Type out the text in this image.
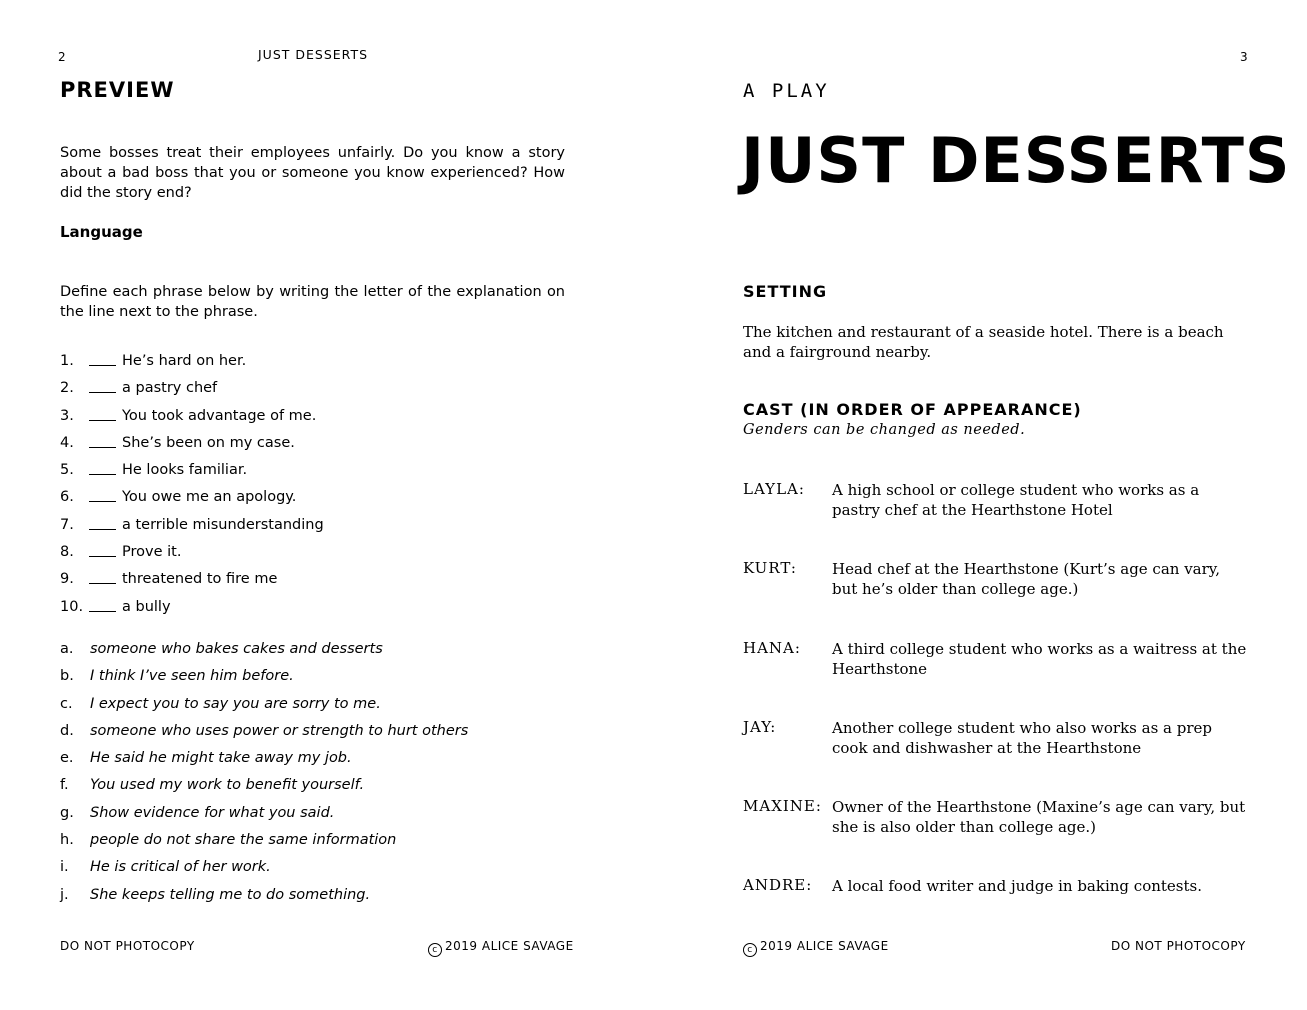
2	JUST DESSERTS
PREVIEW

Some bosses treat their employees unfairly. Do you know a story about a bad boss that you or someone you know experienced? How did the story end?

Language

Define each phrase below by writing the letter of the explanation on the line next to the phrase.

1.	He’s hard on her.
2.	a pastry chef
3.	You took advantage of me.
4.	She’s been on my case.
5.	He looks familiar.
6.	You owe me an apology.
7.	a terrible misunderstanding
8.	Prove it.
9.	threatened to fire me
10.	a bully
a. someone who bakes cakes and desserts
b. I think I’ve seen him before.
c. I expect you to say you are sorry to me.
d. someone who uses power or strength to hurt others
e. He said he might take away my job.
f. You used my work to benefit yourself.
g. Show evidence for what you said.
h. people do not share the same information
i. He is critical of her work.
j. She keeps telling me to do something.
DO NOT PHOTOCOPY	c 2019 ALICE SAVAGE
3
A PLAY
JUST DESSERTS
SETTING

The kitchen and restaurant of a seaside hotel. There is a beach and a fairground nearby.

CAST (IN ORDER OF APPEARANCE)
Genders can be changed as needed.
LAYLA: A high school or college student who works as a pastry chef at the Hearthstone Hotel
KURT: Head chef at the Hearthstone (Kurt’s age can vary, but he’s older than college age.)
HANA: A third college student who works as a waitress at the Hearthstone
JAY:	Another college student who also works as a prep cook and dishwasher at the Hearthstone
MAXINE: Owner of the Hearthstone (Maxine’s age can vary, but she is also older than college age.)
ANDRE: A local food writer and judge in baking contests.
c 2019 ALICE SAVAGE	DO NOT PHOTOCOPY
